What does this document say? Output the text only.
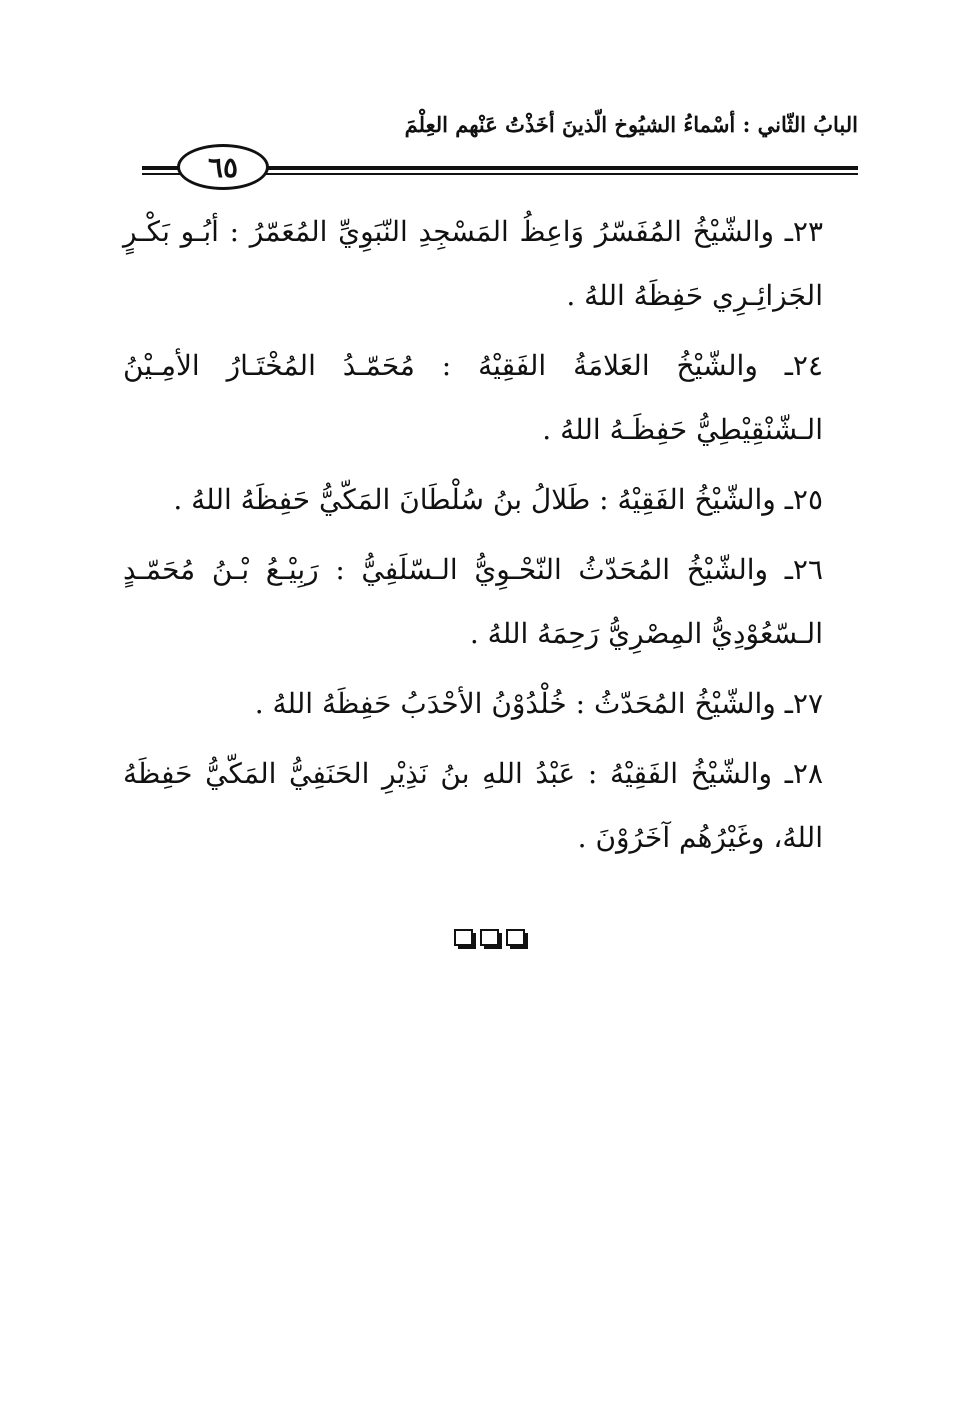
البابُ الثّاني : أسْماءُ الشيُوخ الّذينَ أخَذْتُ عَنْهم العِلْمَ
٦٥

٢٣ـ والشّيْخُ المُفَسّرُ وَاعِظُ المَسْجِدِ النّبَوِيِّ المُعَمّرُ : أبُـو بَكْـرٍ الجَزائِـرِي حَفِظَهُ اللهُ .

٢٤ـ والشّيْخُ العَلامَةُ الفَقِيْهُ : مُحَمّـدُ المُخْتَـارُ الأمِـيْنُ الـشّنْقِيْطِيُّ حَفِظَـهُ اللهُ .

٢٥ـ والشّيْخُ الفَقِيْهُ : طَلالُ بنُ سُلْطَانَ المَكّيُّ حَفِظَهُ اللهُ .

٢٦ـ والشّيْخُ المُحَدّثُ النّحْـوِيُّ الـسّلَفِيُّ : رَبِيْـعُ بْـنُ مُحَمّـدٍ الـسّعُوْدِيُّ المِصْرِيُّ رَحِمَهُ اللهُ .

٢٧ـ والشّيْخُ المُحَدّثُ : خُلْدُوْنُ الأحْدَبُ حَفِظَهُ اللهُ .

٢٨ـ والشّيْخُ الفَقِيْهُ : عَبْدُ اللهِ بنُ نَذِيْرِ الحَنَفِيُّ المَكّيُّ حَفِظَهُ اللهُ، وغَيْرُهُم آخَرُوْنَ .
